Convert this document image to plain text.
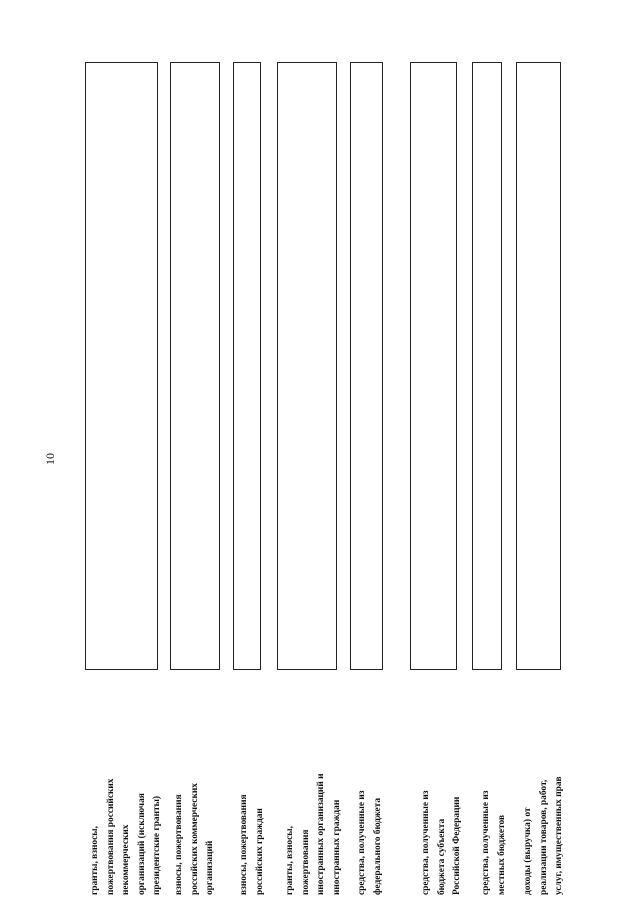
10
гранты, взносы,
пожертвования российских
некоммерческих
организаций (исключая
президентские гранты)
взносы, пожертвования
российских коммерческих
организаций	взносы, пожертвования
российских граждан
гранты, взносы,
пожертвования
иностранных организаций и
иностранных граждан
средства, полученные из
федерального бюджета
средства, полученные из
бюджета субъекта
Российской Федерации
средства, полученные из
местных бюджетов
доходы (выручка) от
реализации товаров, работ,
услуг, имущественных прав
